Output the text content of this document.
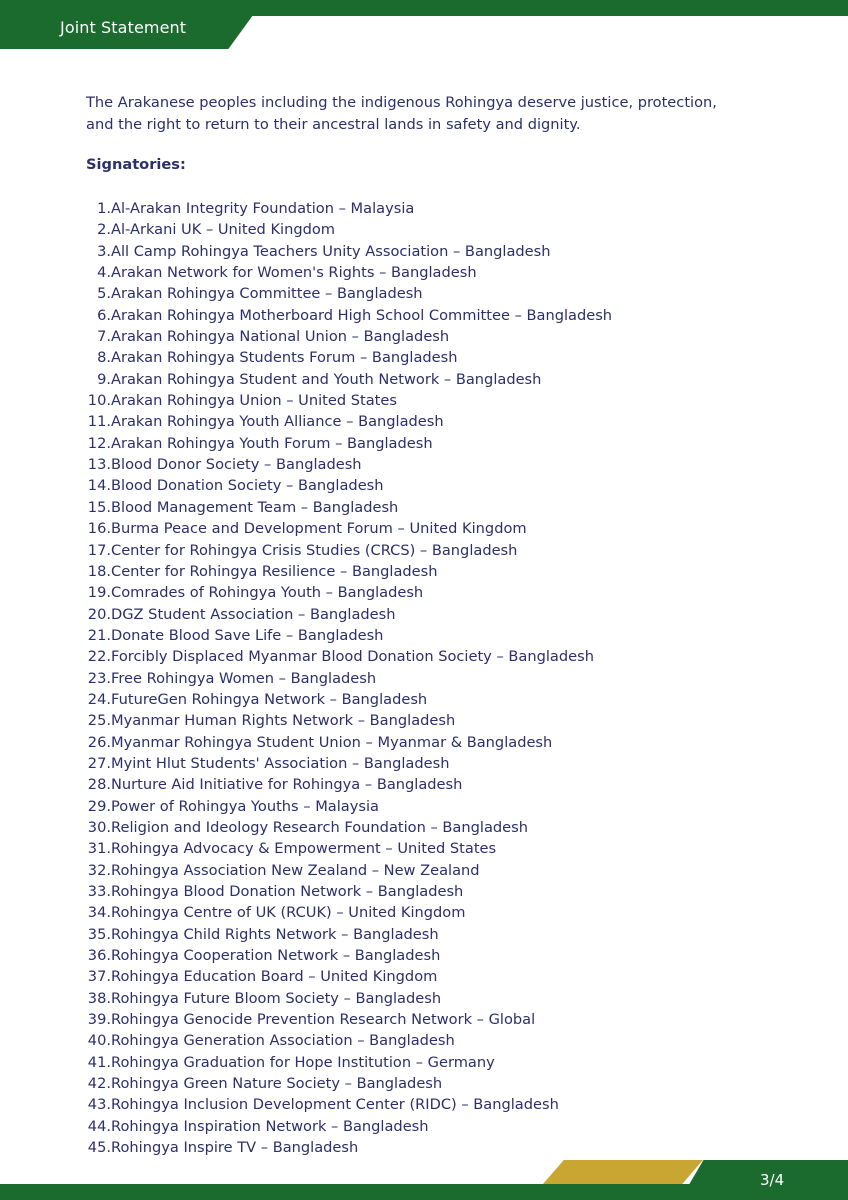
Joint Statement

The Arakanese peoples including the indigenous Rohingya deserve justice, protection, and the right to return to their ancestral lands in safety and dignity.

Signatories:

1. Al-Arakan Integrity Foundation – Malaysia
2. Al-Arkani UK – United Kingdom
3. All Camp Rohingya Teachers Unity Association – Bangladesh
4. Arakan Network for Women's Rights – Bangladesh
5. Arakan Rohingya Committee – Bangladesh
6. Arakan Rohingya Motherboard High School Committee – Bangladesh
7. Arakan Rohingya National Union – Bangladesh
8. Arakan Rohingya Students Forum – Bangladesh
9. Arakan Rohingya Student and Youth Network – Bangladesh
10. Arakan Rohingya Union – United States
11. Arakan Rohingya Youth Alliance – Bangladesh
12. Arakan Rohingya Youth Forum – Bangladesh
13. Blood Donor Society – Bangladesh
14. Blood Donation Society – Bangladesh
15. Blood Management Team – Bangladesh
16. Burma Peace and Development Forum – United Kingdom
17. Center for Rohingya Crisis Studies (CRCS) – Bangladesh
18. Center for Rohingya Resilience – Bangladesh
19. Comrades of Rohingya Youth – Bangladesh
20. DGZ Student Association – Bangladesh
21. Donate Blood Save Life – Bangladesh
22. Forcibly Displaced Myanmar Blood Donation Society – Bangladesh
23. Free Rohingya Women – Bangladesh
24. FutureGen Rohingya Network – Bangladesh
25. Myanmar Human Rights Network – Bangladesh
26. Myanmar Rohingya Student Union – Myanmar & Bangladesh
27. Myint Hlut Students' Association – Bangladesh
28. Nurture Aid Initiative for Rohingya – Bangladesh
29. Power of Rohingya Youths – Malaysia
30. Religion and Ideology Research Foundation – Bangladesh
31. Rohingya Advocacy & Empowerment – United States
32. Rohingya Association New Zealand – New Zealand
33. Rohingya Blood Donation Network – Bangladesh
34. Rohingya Centre of UK (RCUK) – United Kingdom
35. Rohingya Child Rights Network – Bangladesh
36. Rohingya Cooperation Network – Bangladesh
37. Rohingya Education Board – United Kingdom
38. Rohingya Future Bloom Society – Bangladesh
39. Rohingya Genocide Prevention Research Network – Global
40. Rohingya Generation Association – Bangladesh
41. Rohingya Graduation for Hope Institution – Germany
42. Rohingya Green Nature Society – Bangladesh
43. Rohingya Inclusion Development Center (RIDC) – Bangladesh
44. Rohingya Inspiration Network – Bangladesh
45. Rohingya Inspire TV – Bangladesh
3/4
